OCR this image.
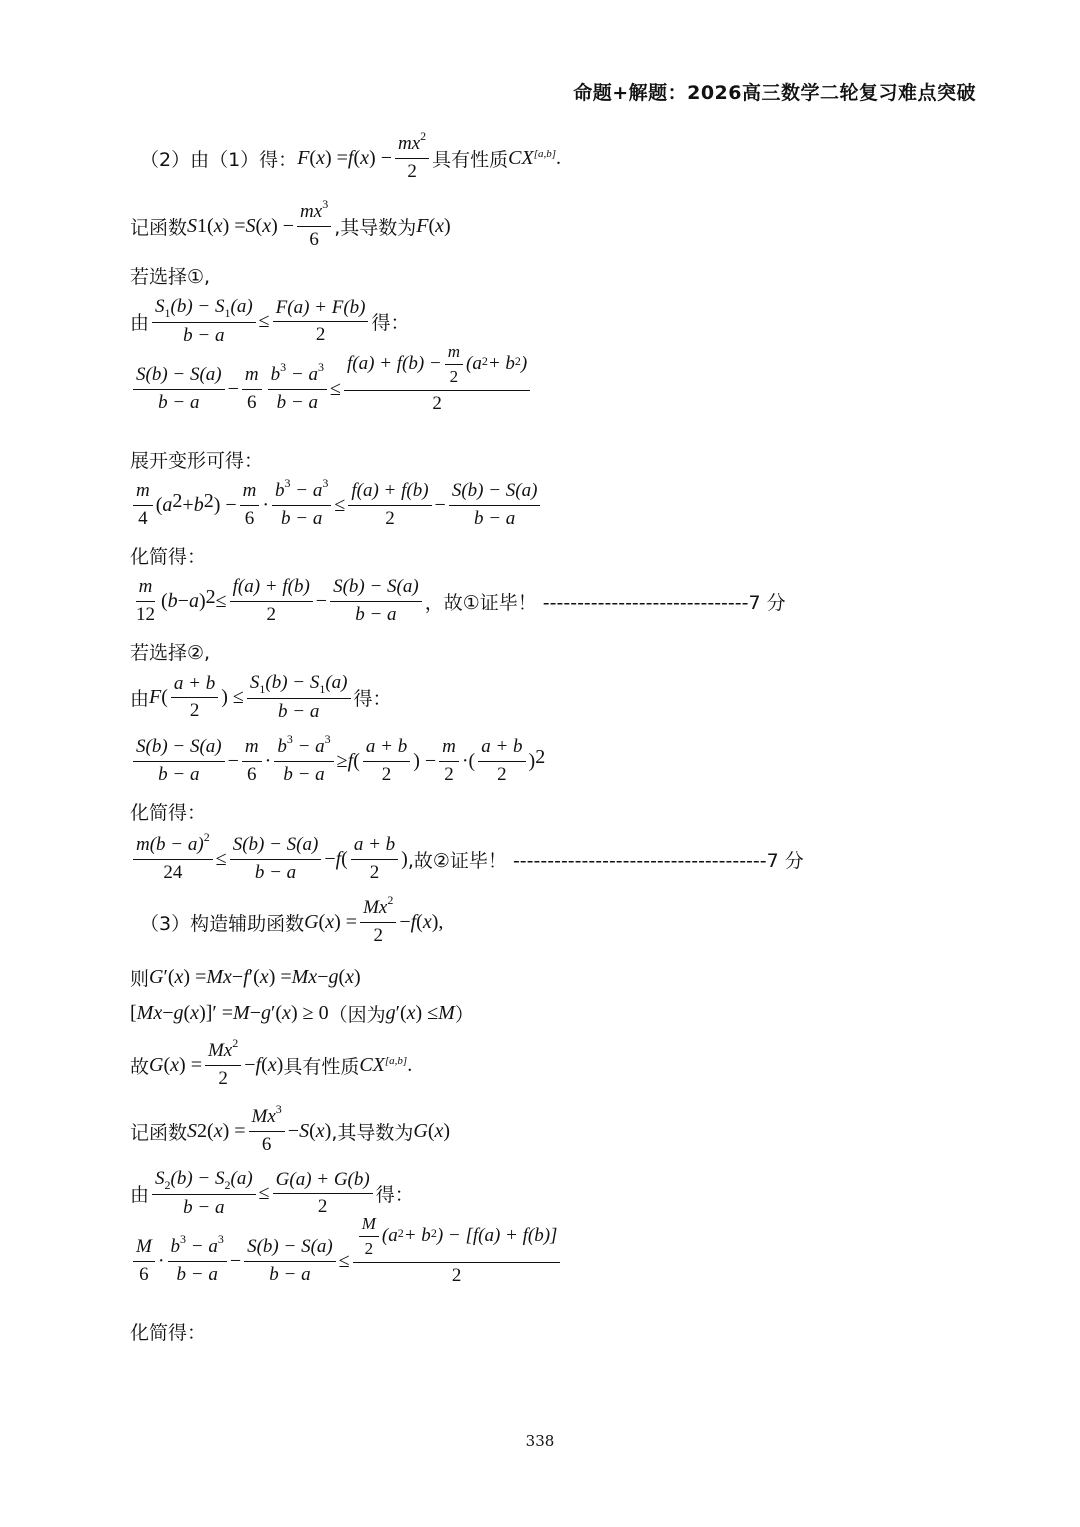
命题+解题：2026高三数学二轮复习难点突破
（2）由（1）得： F ( x ) = f ( x ) − $\frac{mx^2}{2}$ 具有性质 CX[a,b] .
记函数 S 1 ( x ) = S ( x ) − $\frac{mx^3}{6}$ ,其导数为 F ( x )
若选择①,
由 $\frac{S_1(b) - S_1(a)}{b - a} \le \frac{F(a) + F(b)}{2}$ 得：
$\frac{S(b) - S(a)}{b - a} - \frac{m}{6} \frac{b^3 - a^3}{b - a} \le \frac{f(a) + f(b) - \frac{m}{2} (a^2 + b^2 )}{2}$
展开变形可得：
$\frac{m}{4}$ ( $a^2 + b^2$ ) − $\frac{m}{6} \cdot \frac{b^3 - a^3}{b - a} \le \frac{f(a) + f(b)}{2} - \frac{S(b) - S(a)}{b - a}$
化简得：
$\frac{m}{12}$ ( b − a )$^2 \le \frac{f(a) + f(b)}{2} - \frac{S(b) - S(a)}{b - a}$ ，故①证毕！ ------------------------------7 分
若选择②,
由 F ( $\frac{a + b}{2}$ ) ≤ $\frac{S_1(b) - S_1(a)}{b - a}$ 得：
$\frac{S(b) - S(a)}{b - a} - \frac{m}{6} \cdot \frac{b^3 - a^3}{b - a} \ge f$ ( $\frac{a + b}{2}$ ) − $\frac{m}{2}$ ·( $\frac{a + b}{2} )^2$
化简得：
$\frac{m(b - a)^2}{24} \le \frac{S(b) - S(a)}{b - a} - f$ ( $\frac{a + b}{2}$ ) ,故②证毕！ -------------------------------------7 分
（3）构造辅助函数 G ( x ) = $\frac{Mx^2}{2} - f$ ( x ),
则 G ′( x ) = Mx − f ′( x ) = Mx − g ( x )
[ Mx − g ( x )]′ = M − g ′( x ) ≥ 0 （因为 g ′( x ) ≤ M ）
故 G ( x ) = $\frac{Mx^2}{2} - f$ ( x ) 具有性质 CX[a,b] .
记函数 S 2 ( x ) = $\frac{Mx^3}{6} - S$ ( x ) ,其导数为 G ( x )
由 $\frac{S_2(b) - S_2(a)}{b - a} \le \frac{G(a) + G(b)}{2}$ 得：
$\frac{M}{6} \cdot \frac{b^3 - a^3}{b - a} - \frac{S(b) - S(a)}{b - a} \le \frac{\frac{M}{2} (a^2 + b^2 ) - [f(a) + f(b)]}{2}$
化简得：
338
